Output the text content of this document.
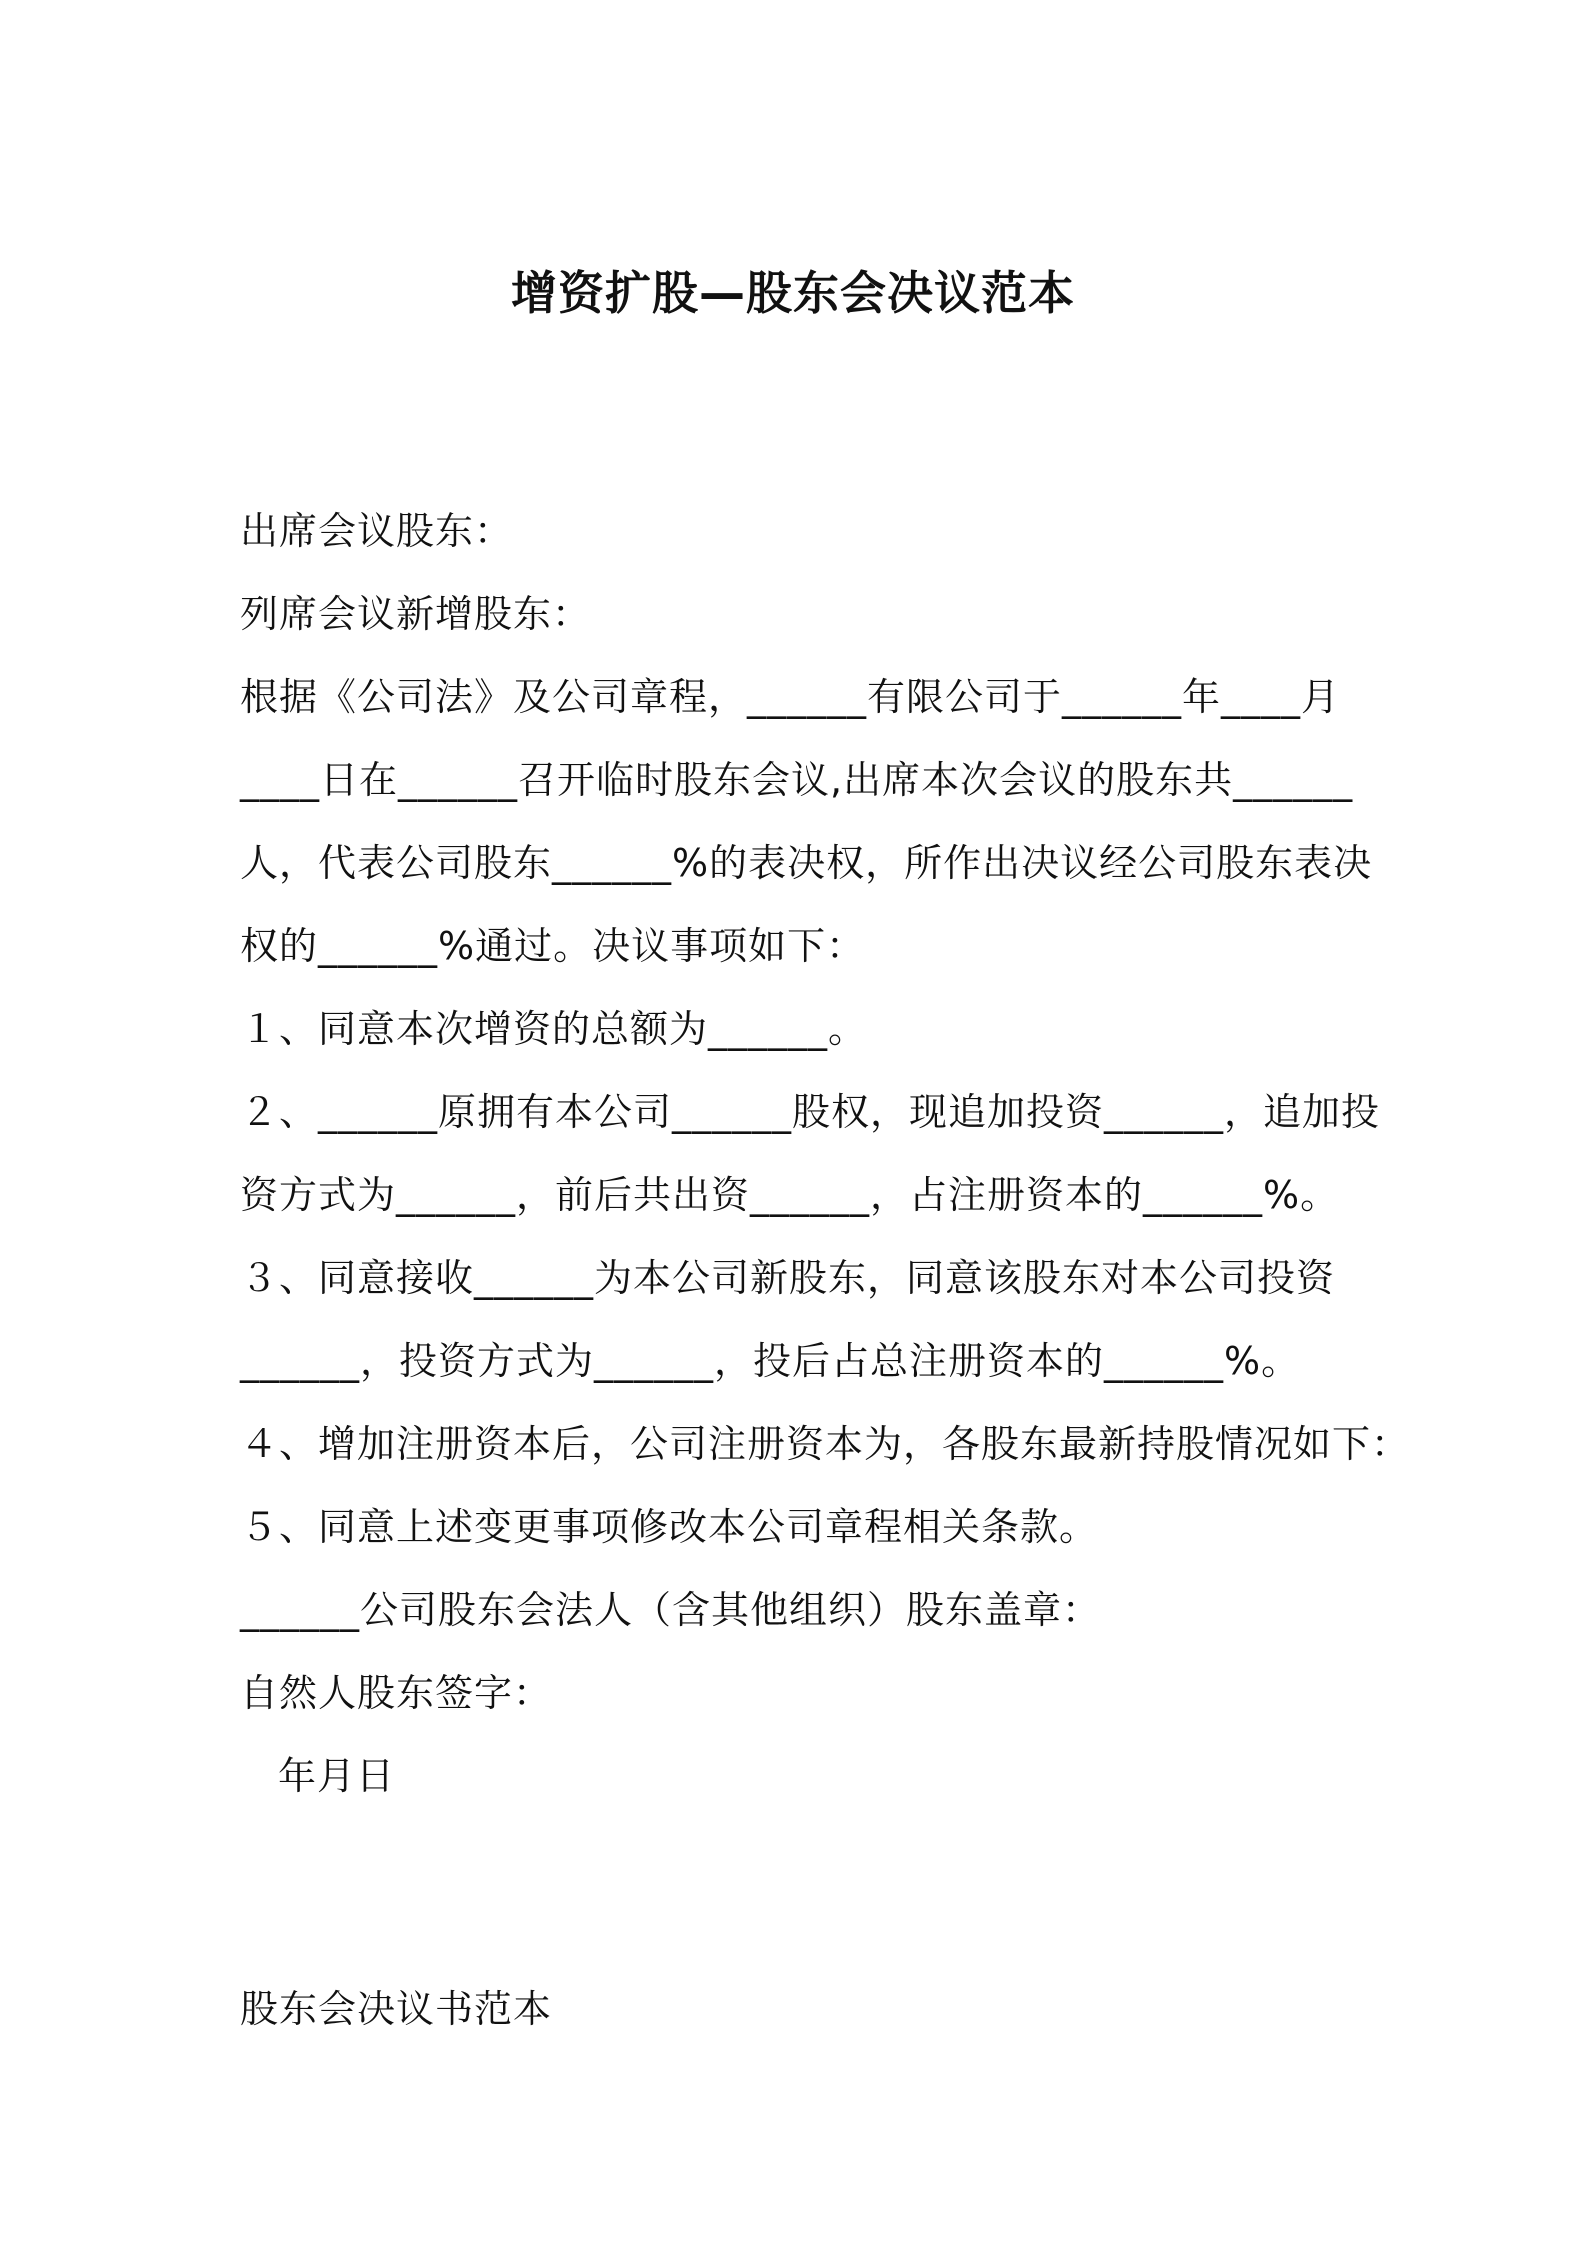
增资扩股—股东会决议范本
出席会议股东：
列席会议新增股东：
根据《公司法》及公司章程，______有限公司于______年____月
____日在______召开临时股东会议,出席本次会议的股东共______
人，代表公司股东______%的表决权，所作出决议经公司股东表决
权的______%通过。决议事项如下：
１、同意本次增资的总额为______。
２、______原拥有本公司______股权，现追加投资______，追加投
资方式为______，前后共出资______，占注册资本的______%。
３、同意接收______为本公司新股东，同意该股东对本公司投资
______，投资方式为______，投后占总注册资本的______%。
４、增加注册资本后，公司注册资本为，各股东最新持股情况如下：
５、同意上述变更事项修改本公司章程相关条款。
______公司股东会法人（含其他组织）股东盖章：
自然人股东签字：
年月日
股东会决议书范本
